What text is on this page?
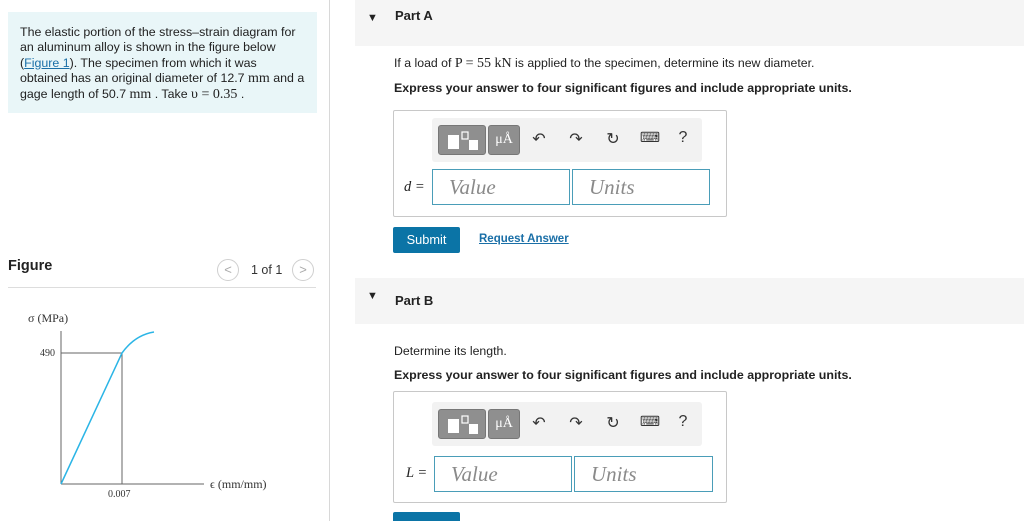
The elastic portion of the stress–strain diagram for an aluminum alloy is shown in the figure below (Figure 1). The specimen from which it was obtained has an original diameter of 12.7 mm and a gage length of 50.7 mm . Take υ = 0.35 .
Figure	<	1 of 1	>
σ (MPa)
490
0.007
ϵ (mm/mm)
▼ Part A
If a load of P = 55 kN is applied to the specimen, determine its new diameter.
Express your answer to four significant figures and include appropriate units.
μÅ	↶ ↷ ↻	⌨	?
d =	Value	Units
Submit	Request Answer
▼ Part B
Determine its length.
Express your answer to four significant figures and include appropriate units.
μÅ	↶ ↷ ↻	⌨	?
L =	Value	Units
